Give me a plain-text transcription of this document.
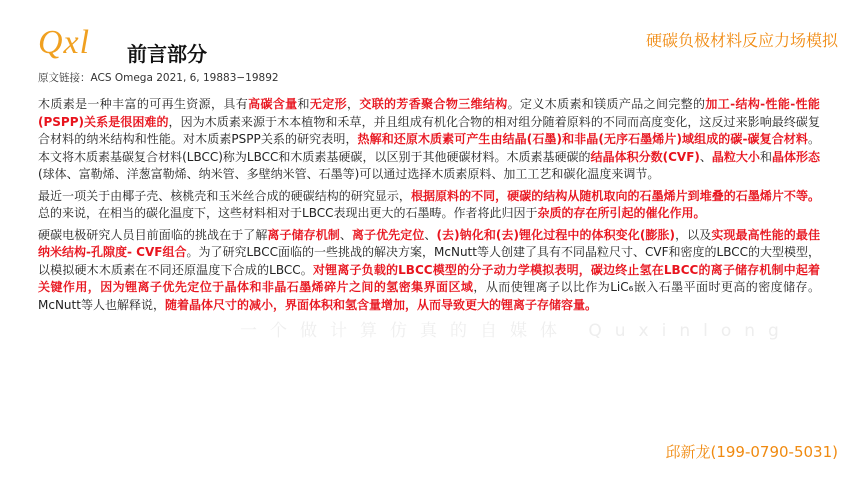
Qxl 前言部分
硬碳负极材料反应力场模拟
原文链接：ACS Omega 2021, 6, 19883−19892

木质素是一种丰富的可再生资源，具有高碳含量和无定形，交联的芳香聚合物三维结构。定义木质素和镁质产品之间完整的加工-结构-性能-性能(PSPP)关系是很困难的，因为木质素来源于木本植物和禾草，并且组成有机化合物的相对组分随着原料的不同而高度变化，这反过来影响最终碳复合材料的纳米结构和性能。对木质素PSPP关系的研究表明，热解和还原木质素可产生由结晶(石墨)和非晶(无序石墨烯片)域组成的碳-碳复合材料。本文将木质素基碳复合材料(LBCC)称为LBCC和木质素基硬碳，以区别于其他硬碳材料。木质素基硬碳的结晶体积分数(CVF)、晶粒大小和晶体形态(球体、富勒烯、洋葱富勒烯、纳米管、多壁纳米管、石墨等)可以通过选择木质素原料、加工工艺和碳化温度来调节。

最近一项关于由椰子壳、核桃壳和玉米丝合成的硬碳结构的研究显示，根据原料的不同，硬碳的结构从随机取向的石墨烯片到堆叠的石墨烯片不等。总的来说，在相当的碳化温度下，这些材料相对于LBCC表现出更大的石墨畴。作者将此归因于杂质的存在所引起的催化作用。

硬碳电极研究人员目前面临的挑战在于了解离子储存机制、离子优先定位、(去)钠化和(去)锂化过程中的体积变化(膨胀)，以及实现最高性能的最佳纳米结构-孔隙度- CVF组合。为了研究LBCC面临的一些挑战的解决方案，McNutt等人创建了具有不同晶粒尺寸、CVF和密度的LBCC的大型模型，以模拟硬木木质素在不同还原温度下合成的LBCC。对锂离子负载的LBCC模型的分子动力学模拟表明，碳边终止氢在LBCC的离子储存机制中起着关键作用，因为锂离子优先定位于晶体和非晶石墨烯碎片之间的氢密集界面区域，从而使锂离子以比作为LiC₆嵌入石墨平面时更高的密度储存。McNutt等人也解释说，随着晶体尺寸的减小，界面体积和氢含量增加，从而导致更大的锂离子存储容量。

一个做计算仿真的自媒体 Quxinlong
邱新龙(199-0790-5031)
